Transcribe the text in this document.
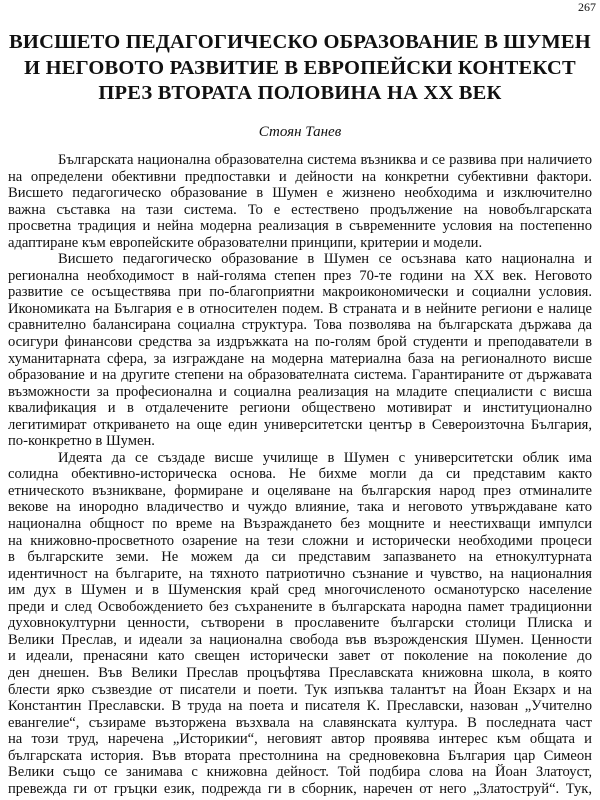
267
ВИСШЕТО ПЕДАГОГИЧЕСКО ОБРАЗОВАНИЕ В ШУМЕН
И НЕГОВОТО РАЗВИТИЕ В ЕВРОПЕЙСКИ КОНТЕКСТ
ПРЕЗ ВТОРАТА ПОЛОВИНА НА XX ВЕК
Стоян Танев
Българската национална образователна система възниква и се развива при наличието
на определени обективни предпоставки и дейности на конкретни субективни фактори.
Висшето педагогическо образование в Шумен е жизнено необходима и изключително
важна съставка на тази система. То е естествено продължение на новобългарската
просветна традиция и нейна модерна реализация в съвременните условия на постепенно
адаптиране към европейските образователни принципи, критерии и модели.
Висшето педагогическо образование в Шумен се осъзнава като национална и
регионална необходимост в най-голяма степен през 70-те години на XX век. Неговото
развитие се осъществява при по-благоприятни макроикономически и социални условия.
Икономиката на България е в относителен подем. В страната и в нейните региони е налице
сравнително балансирана социална структура. Това позволява на българската държава да
осигури финансови средства за издръжката на по-голям брой студенти и преподаватели в
хуманитарната сфера, за изграждане на модерна материална база на регионалното висше
образование и на другите степени на образователната система. Гарантираните от държавата
възможности за професионална и социална реализация на младите специалисти с висша
квалификация и в отдалечените региони обществено мотивират и институционално
легитимират откриването на още един университетски център в Североизточна България,
по-конкретно в Шумен.
Идеята да се създаде висше училище в Шумен с университетски облик има
солидна обективно-историческа основа. Не бихме могли да си представим както
етническото възникване, формиране и оцеляване на българския народ през отминалите
векове на инородно владичество и чуждо влияние, така и неговото утвърждаване като
национална общност по време на Възраждането без мощните и неестихващи импулси
на книжовно-просветното озарение на тези сложни и исторически необходими процеси
в българските земи. Не можем да си представим запазването на етнокултурната
идентичност на българите, на тяхното патриотично съзнание и чувство, на националния
им дух в Шумен и в Шуменския край сред многочисленото османотурско население
преди и след Освобождението без съхранените в българската народна памет традиционни
духовнокултурни ценности, сътворени в прославените български столици Плиска и
Велики Преслав, и идеали за национална свобода във възрожденския Шумен. Ценности
и идеали, пренасяни като свещен исторически завет от поколение на поколение до
ден днешен. Във Велики Преслав процъфтява Преславската книжовна школа, в която
блести ярко съзвездие от писатели и поети. Тук изпъква талантът на Йоан Екзарх и на
Константин Преславски. В труда на поета и писателя К. Преславски, назован „Учително
евангелие“, съзираме възторжена възхвала на славянската култура. В последната част
на този труд, наречена „Историкии“, неговият автор проявява интерес към общата и
българската история. Във втората престолнина на средновековна България цар Симеон
Велики също се занимава с книжовна дейност. Той подбира слова на Йоан Златоуст,
превежда ги от гръцки език, подрежда ги в сборник, наречен от него „Златоструй“. Тук,
